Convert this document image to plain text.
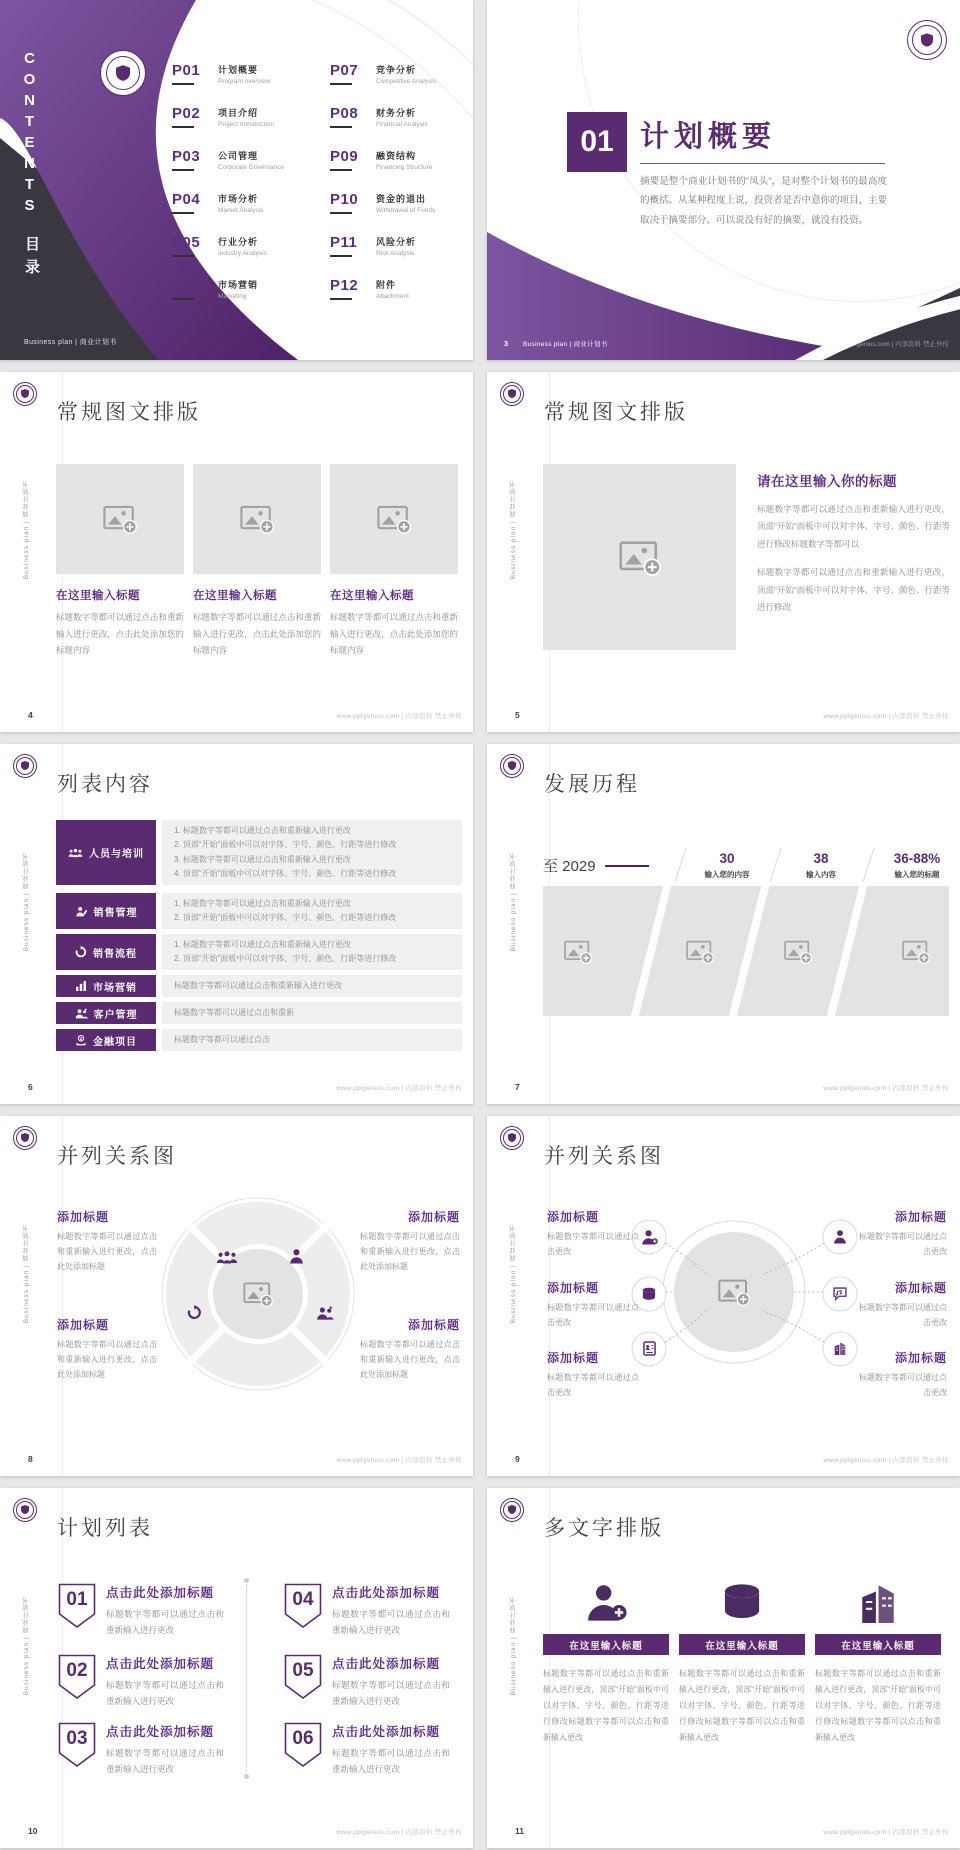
CONTENTS
目录
Business plan | 商业计划书
P01	计划概要
Program overview
P02	项目介绍
Project Introduction
P03	公司管理
Corporate Governance
P04	市场分析
Market Analysis
P05	行业分析
Industry Analysis
P06	市场营销
Marketing
P07	竞争分析
Competitive Analysis
P08	财务分析
Financial Analysis
P09	融资结构
Financing Structure
P10	资金的退出
Withdrawal of Funds
P11	风险分析
Risk Analysis
P12	附件
Attachment
01 计划概要
摘要是整个商业计划书的“凤头”，是对整个计划书的最高度的概括。从某种程度上说，投资者是否中意你的项目，主要取决于摘要部分。可以说没有好的摘要，就没有投资。
3 Business plan | 商业计划书	www.pptgenius.com | 内部资料 禁止外传
Business plan | 商业计划书
常规图文排版
4	www.pptgenius.com | 内部资料 禁止外传
在这里输入标题
标题数字等都可以通过点击和重新输入进行更改，点击此处添加您的标题内容
在这里输入标题
标题数字等都可以通过点击和重新输入进行更改，点击此处添加您的标题内容
在这里输入标题
标题数字等都可以通过点击和重新输入进行更改，点击此处添加您的标题内容
Business plan | 商业计划书
常规图文排版
5	www.pptgenius.com | 内部资料 禁止外传
请在这里输入你的标题
标题数字等都可以通过点击和重新输入进行更改，顶部“开始”面板中可以对字体、字号、颜色、行距等进行修改标题数字等都可以
标题数字等都可以通过点击和重新输入进行更改，顶部“开始”面板中可以对字体、字号、颜色、行距等进行修改
Business plan | 商业计划书
列表内容
6	www.pptgenius.com | 内部资料 禁止外传
人员与培训
1. 标题数字等都可以通过点击和重新输入进行更改
2. 顶部“开始”面板中可以对字体、字号、颜色、行距等进行修改
3. 标题数字等都可以通过点击和重新输入进行更改
4. 顶部“开始”面板中可以对字体、字号、颜色、行距等进行修改
销售管理
1. 标题数字等都可以通过点击和重新输入进行更改
2. 顶部“开始”面板中可以对字体、字号、颜色、行距等进行修改
销售流程
1. 标题数字等都可以通过点击和重新输入进行更改
2. 顶部“开始”面板中可以对字体、字号、颜色、行距等进行修改
市场营销	标题数字等都可以通过点击和重新输入进行更改
客户管理	标题数字等都可以通过点击和重新
金融项目	标题数字等都可以通过点击
Business plan | 商业计划书
发展历程
7	www.pptgenius.com | 内部资料 禁止外传
至 2029	30
输入您的内容
38
输入内容
36-88%
输入您的标题
Business plan | 商业计划书
并列关系图
8	www.pptgenius.com | 内部资料 禁止外传
添加标题
标题数字等都可以通过点击和重新输入进行更改，点击此处添加标题
添加标题
标题数字等都可以通过点击和重新输入进行更改，点击此处添加标题
添加标题
标题数字等都可以通过点击和重新输入进行更改，点击此处添加标题
添加标题
标题数字等都可以通过点击和重新输入进行更改，点击此处添加标题
Business plan | 商业计划书
并列关系图
9	www.pptgenius.com | 内部资料 禁止外传
添加标题
标题数字等都可以通过点击更改
添加标题
标题数字等都可以通过点击更改
添加标题
标题数字等都可以通过点击更改
添加标题
标题数字等都可以通过点击更改
添加标题
标题数字等都可以通过点击更改
添加标题
标题数字等都可以通过点击更改
Business plan | 商业计划书
计划列表
10	www.pptgenius.com | 内部资料 禁止外传
01	点击此处添加标题
标题数字等都可以通过点击和重新输入进行更改
02	点击此处添加标题
标题数字等都可以通过点击和重新输入进行更改
03	点击此处添加标题
标题数字等都可以通过点击和重新输入进行更改
04	点击此处添加标题
标题数字等都可以通过点击和重新输入进行更改
05	点击此处添加标题
标题数字等都可以通过点击和重新输入进行更改
06	点击此处添加标题
标题数字等都可以通过点击和重新输入进行更改
Business plan | 商业计划书
多文字排版
11	www.pptgenius.com | 内部资料 禁止外传
在这里输入标题
标题数字等都可以通过点击和重新输入进行更改，顶部“开始”面板中可以对字体、字号、颜色、行距等进行修改标题数字等都可以点击和重新输入更改
在这里输入标题
标题数字等都可以通过点击和重新输入进行更改，顶部“开始”面板中可以对字体、字号、颜色、行距等进行修改标题数字等都可以点击和重新输入更改
在这里输入标题
标题数字等都可以通过点击和重新输入进行更改，顶部“开始”面板中可以对字体、字号、颜色、行距等进行修改标题数字等都可以点击和重新输入更改
